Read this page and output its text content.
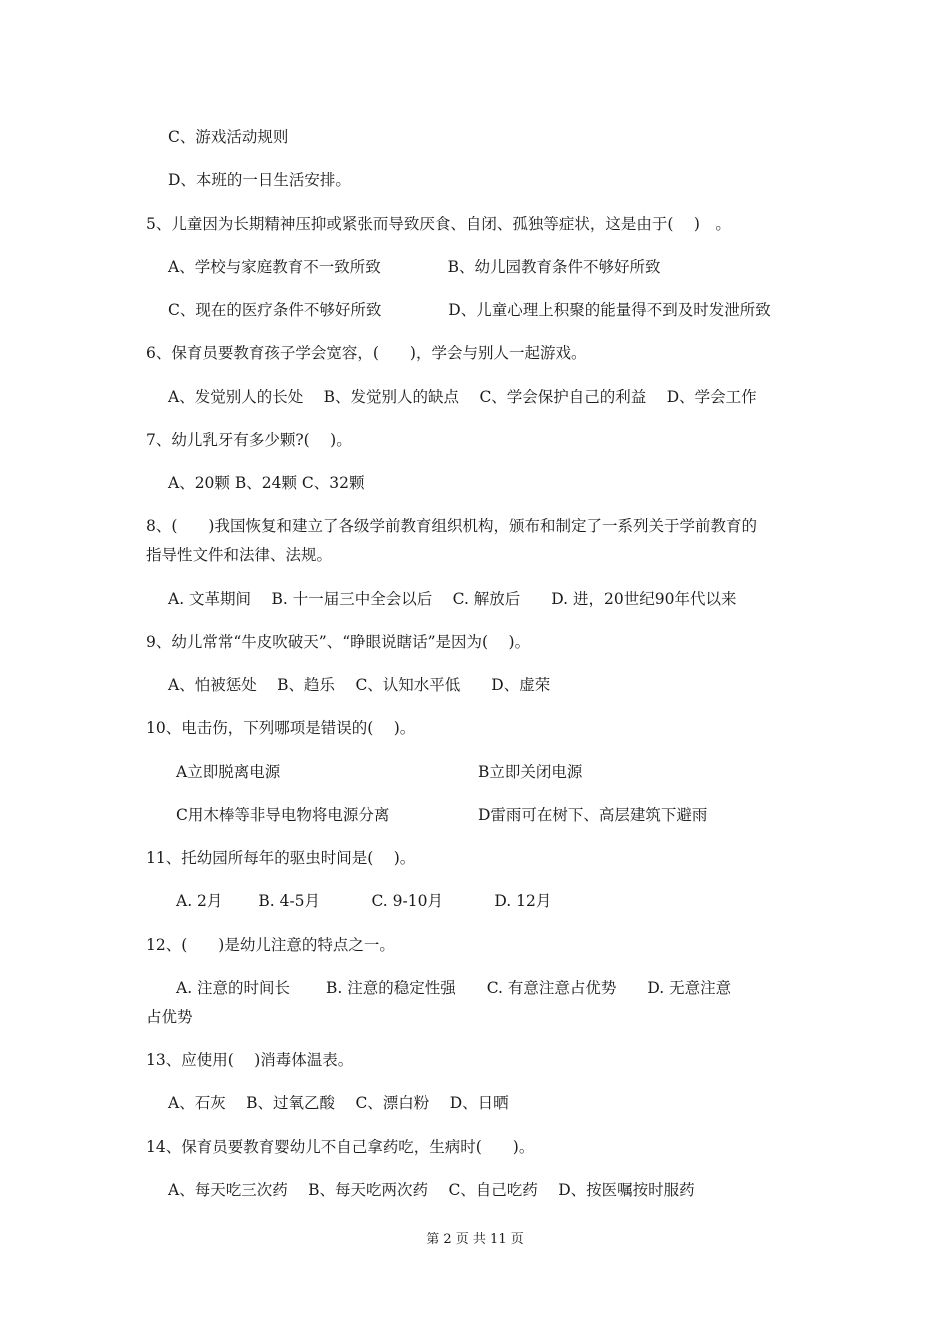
C、游戏活动规则
D、本班的一日生活安排。
5、儿童因为长期精神压抑或紧张而导致厌食、自闭、孤独等症状，这是由于(　 )　。
A、学校与家庭教育不一致所致　　　　 B、幼儿园教育条件不够好所致
C、现在的医疗条件不够好所致　　　　 D、儿童心理上积聚的能量得不到及时发泄所致
6、保育员要教育孩子学会宽容，(　　)，学会与别人一起游戏。
A、发觉别人的长处　 B、发觉别人的缺点　 C、学会保护自己的利益　 D、学会工作
7、幼儿乳牙有多少颗?(　 )。
A、20颗 B、24颗 C、32颗
8、(　　)我国恢复和建立了各级学前教育组织机构，颁布和制定了一系列关于学前教育的
指导性文件和法律、法规。
A. 文革期间　 B. 十一届三中全会以后　 C. 解放后　　D. 进，20世纪90年代以来
9、幼儿常常“牛皮吹破天”、“睁眼说瞎话”是因为(　 )。
A、怕被惩处　 B、趋乐　 C、认知水平低　　D、虚荣
10、电击伤，下列哪项是错误的(　 )。
A立即脱离电源	B立即关闭电源
C用木棒等非导电物将电源分离	D雷雨可在树下、高层建筑下避雨
11、托幼园所每年的驱虫时间是(　 )。
A. 2月　　 B. 4-5月　　　 C. 9-10月　　　 D. 12月
12、(　　)是幼儿注意的特点之一。
A. 注意的时间长　　 B. 注意的稳定性强　　C. 有意注意占优势　　D. 无意注意
占优势
13、应使用(　 )消毒体温表。
A、石灰　 B、过氧乙酸　 C、漂白粉　 D、日晒
14、保育员要教育婴幼儿不自己拿药吃，生病时(　　)。
A、每天吃三次药　 B、每天吃两次药　 C、自己吃药　 D、按医嘱按时服药
第 2 页 共 11 页
